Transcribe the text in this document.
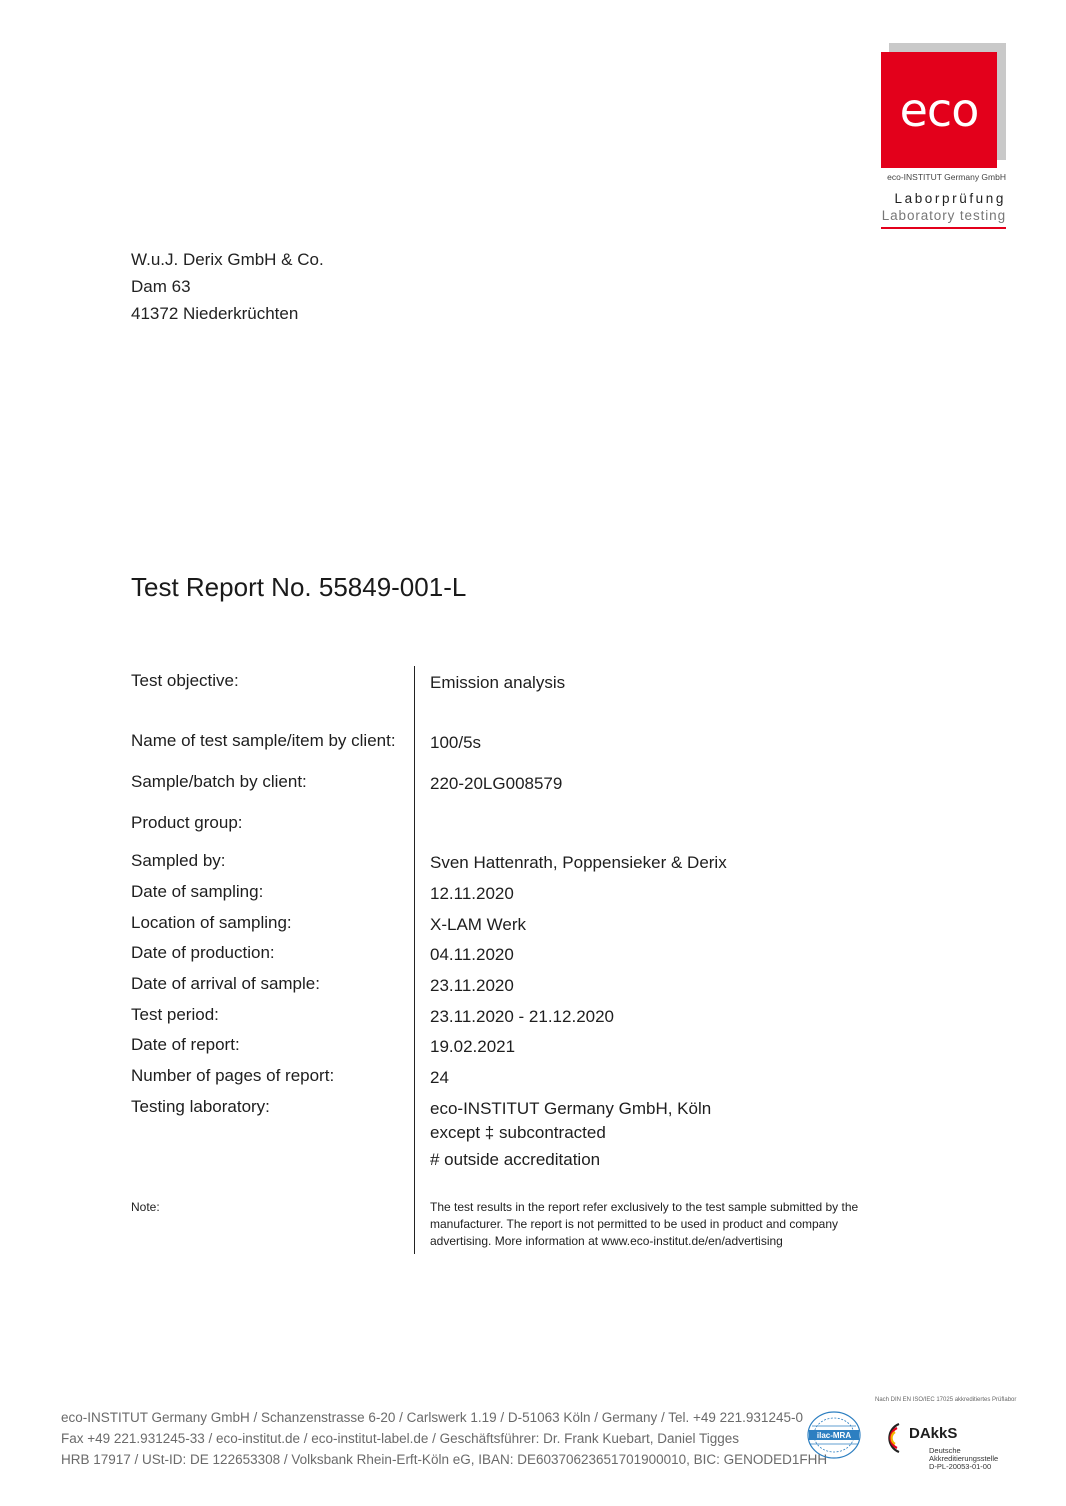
eco
eco-INSTITUT Germany GmbH
Laborprüfung
Laboratory testing
W.u.J. Derix GmbH & Co.
Dam 63
41372 Niederkrüchten
Test Report No. 55849-001-L
Test objective:	Emission analysis
Name of test sample/item by client: 100/5s
Sample/batch by client:	220-20LG008579
Product group:
Sampled by:	Sven Hattenrath, Poppensieker & Derix
Date of sampling:	12.11.2020
Location of sampling:	X-LAM Werk
Date of production:	04.11.2020
Date of arrival of sample:	23.11.2020
Test period:	23.11.2020 - 21.12.2020
Date of report:	19.02.2021
Number of pages of report:	24
Testing laboratory:	eco-INSTITUT Germany GmbH, Köln
except ‡ subcontracted
# outside accreditation
Note:	The test results in the report refer exclusively to the test sample submitted by the manufacturer. The report is not permitted to be used in product and company advertising. More information at www.eco-institut.de/en/advertising
eco-INSTITUT Germany GmbH / Schanzenstrasse 6-20 / Carlswerk 1.19 / D-51063 Köln / Germany / Tel. +49 221.931245-0
Fax +49 221.931245-33 / eco-institut.de / eco-institut-label.de / Geschäftsführer: Dr. Frank Kuebart, Daniel Tigges
HRB 17917 / USt-ID: DE 122653308 / Volksbank Rhein-Erft-Köln eG, IBAN: DE60370623651701900010, BIC: GENODED1FHH
ilac-MRA
Nach DIN EN ISO/IEC 17025 akkreditiertes Prüflabor
DAkkS
Deutsche
Akkreditierungsstelle
D-PL-20053-01-00
